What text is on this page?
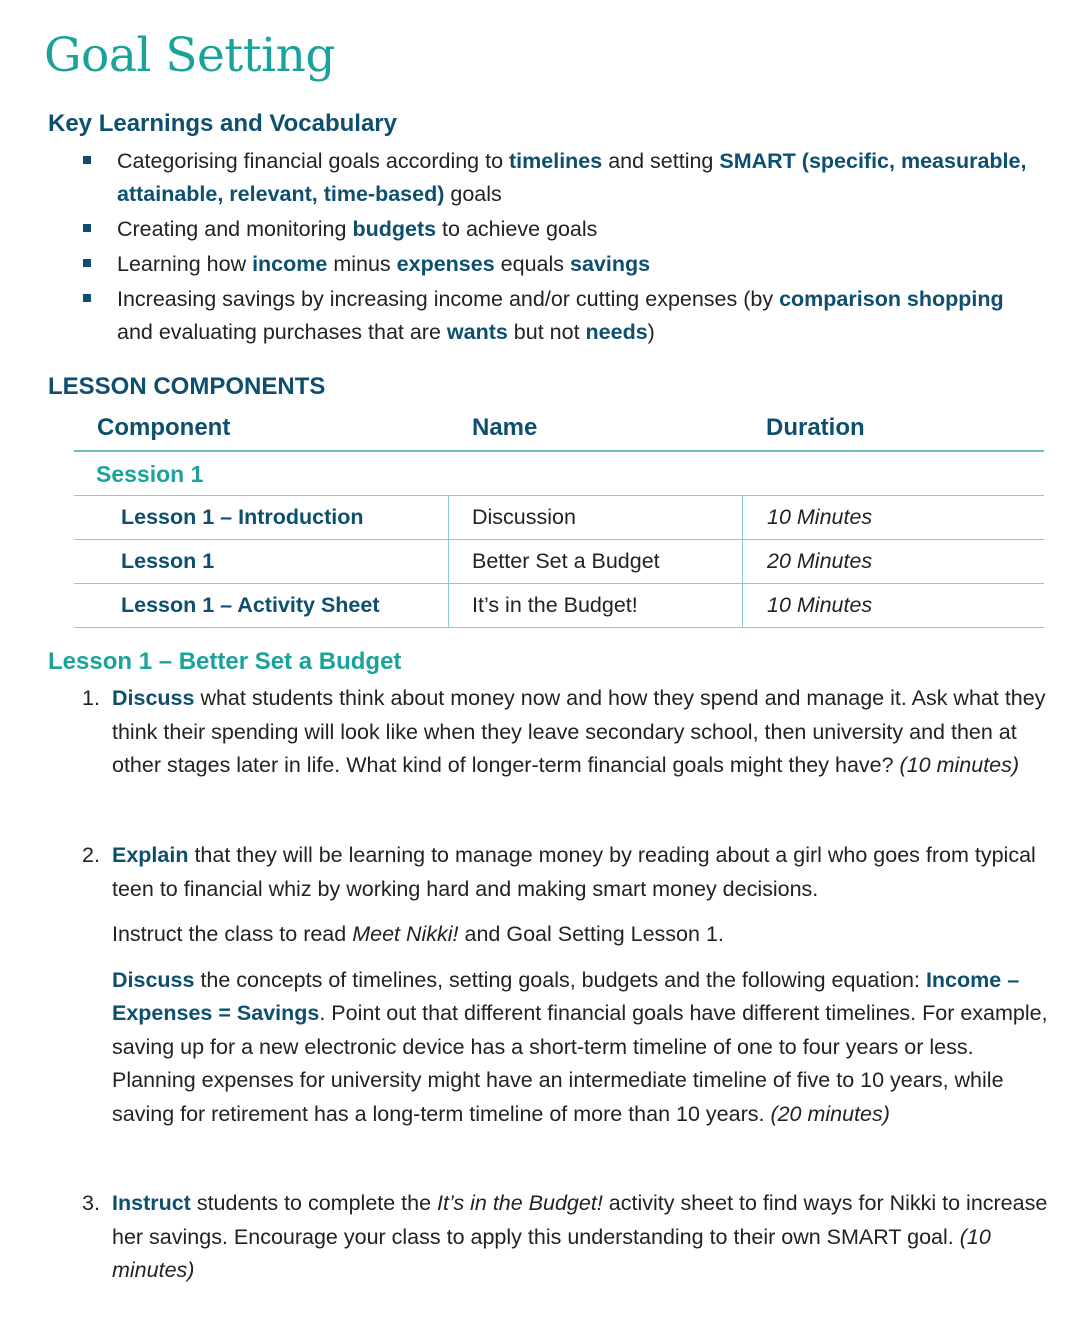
Goal Setting
Key Learnings and Vocabulary
Categorising financial goals according to timelines and setting SMART (specific, measurable, attainable, relevant, time-based) goals
Creating and monitoring budgets to achieve goals
Learning how income minus expenses equals savings
Increasing savings by increasing income and/or cutting expenses (by comparison shopping and evaluating purchases that are wants but not needs)
LESSON COMPONENTS
Component	Name	Duration
Session 1
Lesson 1 – Introduction	Discussion	10 Minutes
Lesson 1	Better Set a Budget	20 Minutes
Lesson 1 – Activity Sheet	It’s in the Budget!	10 Minutes
Lesson 1 – Better Set a Budget
1. Discuss what students think about money now and how they spend and manage it. Ask what they think their spending will look like when they leave secondary school, then university and then at other stages later in life. What kind of longer-term financial goals might they have? (10 minutes)

2. Explain that they will be learning to manage money by reading about a girl who goes from typical teen to financial whiz by working hard and making smart money decisions.

Instruct the class to read Meet Nikki! and Goal Setting Lesson 1.

Discuss the concepts of timelines, setting goals, budgets and the following equation: Income – Expenses = Savings. Point out that different financial goals have different timelines. For example, saving up for a new electronic device has a short-term timeline of one to four years or less. Planning expenses for university might have an intermediate timeline of five to 10 years, while saving for retirement has a long-term timeline of more than 10 years. (20 minutes)

3. Instruct students to complete the It’s in the Budget! activity sheet to find ways for Nikki to increase her savings. Encourage your class to apply this understanding to their own SMART goal. (10 minutes)
